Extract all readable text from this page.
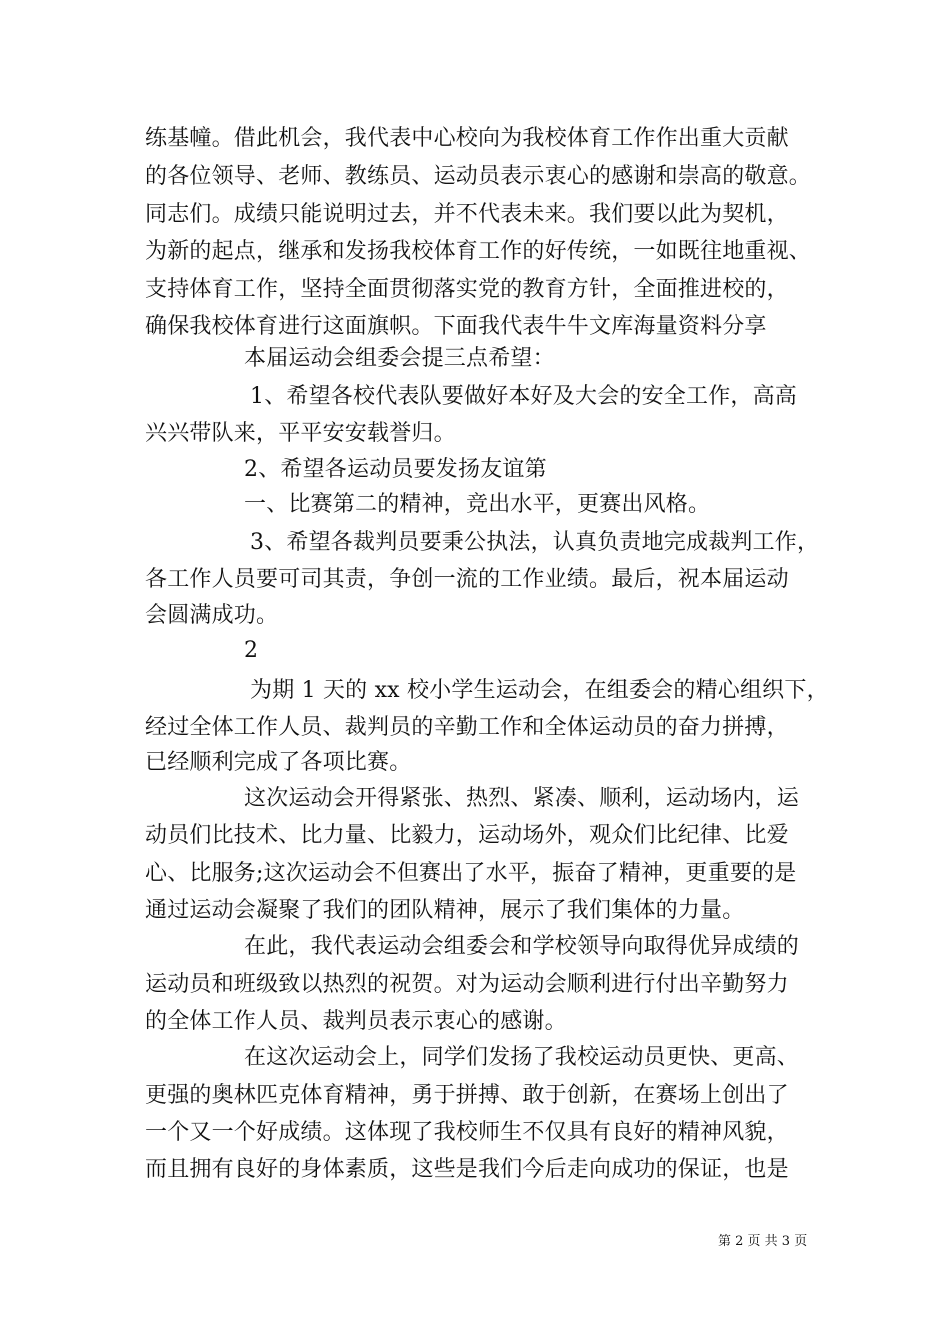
练基幢。借此机会，我代表中心校向为我校体育工作作出重大贡献
的各位领导、老师、教练员、运动员表示衷心的感谢和崇高的敬意。
同志们。成绩只能说明过去，并不代表未来。我们要以此为契机，
为新的起点，继承和发扬我校体育工作的好传统，一如既往地重视、
支持体育工作，坚持全面贯彻落实党的教育方针，全面推进校的，
确保我校体育进行这面旗帜。下面我代表牛牛文库海量资料分享
本届运动会组委会提三点希望：
1、希望各校代表队要做好本好及大会的安全工作，高高
兴兴带队来，平平安安载誉归。
2、希望各运动员要发扬友谊第
一、比赛第二的精神，竞出水平，更赛出风格。
3、希望各裁判员要秉公执法，认真负责地完成裁判工作，
各工作人员要可司其责，争创一流的工作业绩。最后，祝本届运动
会圆满成功。
2
为期 1 天的 xx 校小学生运动会，在组委会的精心组织下，
经过全体工作人员、裁判员的辛勤工作和全体运动员的奋力拼搏，
已经顺利完成了各项比赛。
这次运动会开得紧张、热烈、紧凑、顺利，运动场内，运
动员们比技术、比力量、比毅力，运动场外，观众们比纪律、比爱
心、比服务;这次运动会不但赛出了水平，振奋了精神，更重要的是
通过运动会凝聚了我们的团队精神，展示了我们集体的力量。
在此，我代表运动会组委会和学校领导向取得优异成绩的
运动员和班级致以热烈的祝贺。对为运动会顺利进行付出辛勤努力
的全体工作人员、裁判员表示衷心的感谢。
在这次运动会上，同学们发扬了我校运动员更快、更高、
更强的奥林匹克体育精神，勇于拼搏、敢于创新，在赛场上创出了
一个又一个好成绩。这体现了我校师生不仅具有良好的精神风貌，
而且拥有良好的身体素质，这些是我们今后走向成功的保证，也是
第 2 页 共 3 页
